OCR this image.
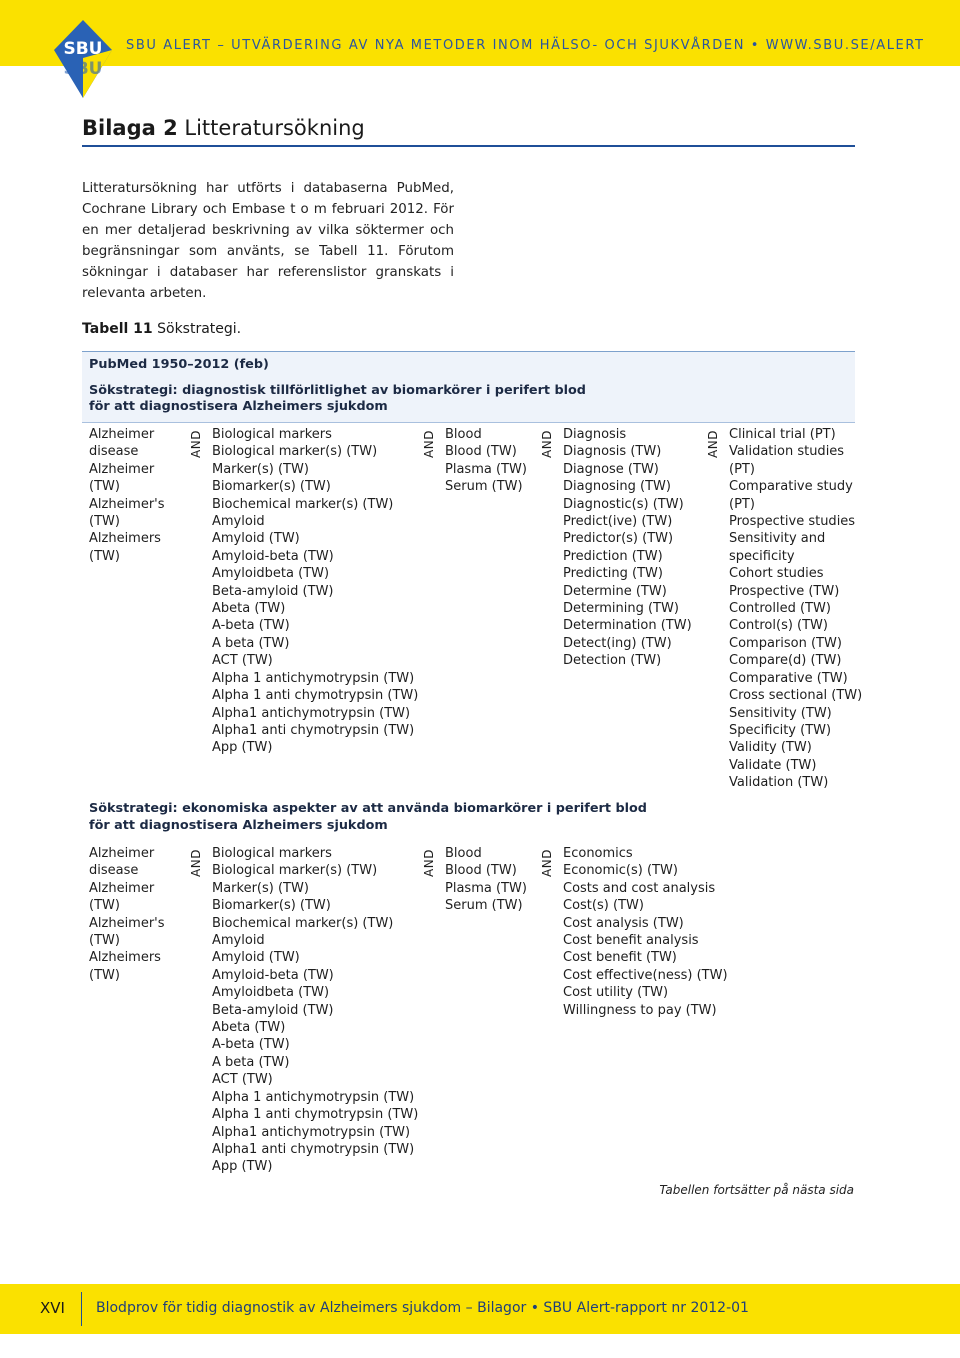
SBU ALERT – UTVÄRDERING AV NYA METODER INOM HÄLSO- OCH SJUKVÅRDEN • WWW.SBU.SE/ALERT
SBU
SBU
Bilaga 2 Litteratursökning
Litteratursökning har utförts i databaserna PubMed, Cochrane Library och Embase t o m februari 2012. För en mer detaljerad beskrivning av vilka söktermer och begränsningar som använts, se Tabell 11. Förutom sökningar i databaser har referenslistor granskats i relevanta arbeten.
Tabell 11 Sökstrategi.
PubMed 1950–2012 (feb)
Sökstrategi: diagnostisk tillförlitlighet av biomarkörer i perifert blod
för att diagnostisera Alzheimers sjukdom
Alzheimer
disease
Alzheimer
(TW)
Alzheimer's
(TW)
Alzheimers
(TW)
AND Biological markers
Biological marker(s) (TW)
Marker(s) (TW)
Biomarker(s) (TW)
Biochemical marker(s) (TW)
Amyloid
Amyloid (TW)
Amyloid-beta (TW)
Amyloidbeta (TW)
Beta-amyloid (TW)
Abeta (TW)
A-beta (TW)
A beta (TW)
ACT (TW)
Alpha 1 antichymotrypsin (TW)
Alpha 1 anti chymotrypsin (TW)
Alpha1 antichymotrypsin (TW)
Alpha1 anti chymotrypsin (TW)
App (TW)
AND Blood
Blood (TW)
Plasma (TW)
Serum (TW)
AND Diagnosis
Diagnosis (TW)
Diagnose (TW)
Diagnosing (TW)
Diagnostic(s) (TW)
Predict(ive) (TW)
Predictor(s) (TW)
Prediction (TW)
Predicting (TW)
Determine (TW)
Determining (TW)
Determination (TW)
Detect(ing) (TW)
Detection (TW)
AND Clinical trial (PT)
Validation studies
(PT)
Comparative study
(PT)
Prospective studies
Sensitivity and
specificity
Cohort studies
Prospective (TW)
Controlled (TW)
Control(s) (TW)
Comparison (TW)
Compare(d) (TW)
Comparative (TW)
Cross sectional (TW)
Sensitivity (TW)
Specificity (TW)
Validity (TW)
Validate (TW)
Validation (TW)
Sökstrategi: ekonomiska aspekter av att använda biomarkörer i perifert blod
för att diagnostisera Alzheimers sjukdom
Alzheimer
disease
Alzheimer
(TW)
Alzheimer's
(TW)
Alzheimers
(TW)
AND Biological markers
Biological marker(s) (TW)
Marker(s) (TW)
Biomarker(s) (TW)
Biochemical marker(s) (TW)
Amyloid
Amyloid (TW)
Amyloid-beta (TW)
Amyloidbeta (TW)
Beta-amyloid (TW)
Abeta (TW)
A-beta (TW)
A beta (TW)
ACT (TW)
Alpha 1 antichymotrypsin (TW)
Alpha 1 anti chymotrypsin (TW)
Alpha1 antichymotrypsin (TW)
Alpha1 anti chymotrypsin (TW)
App (TW)
AND Blood
Blood (TW)
Plasma (TW)
Serum (TW)
AND Economics
Economic(s) (TW)
Costs and cost analysis
Cost(s) (TW)
Cost analysis (TW)
Cost benefit analysis
Cost benefit (TW)
Cost effective(ness) (TW)
Cost utility (TW)
Willingness to pay (TW)
Tabellen fortsätter på nästa sida
XVI Blodprov för tidig diagnostik av Alzheimers sjukdom – Bilagor • SBU Alert-rapport nr 2012-01
